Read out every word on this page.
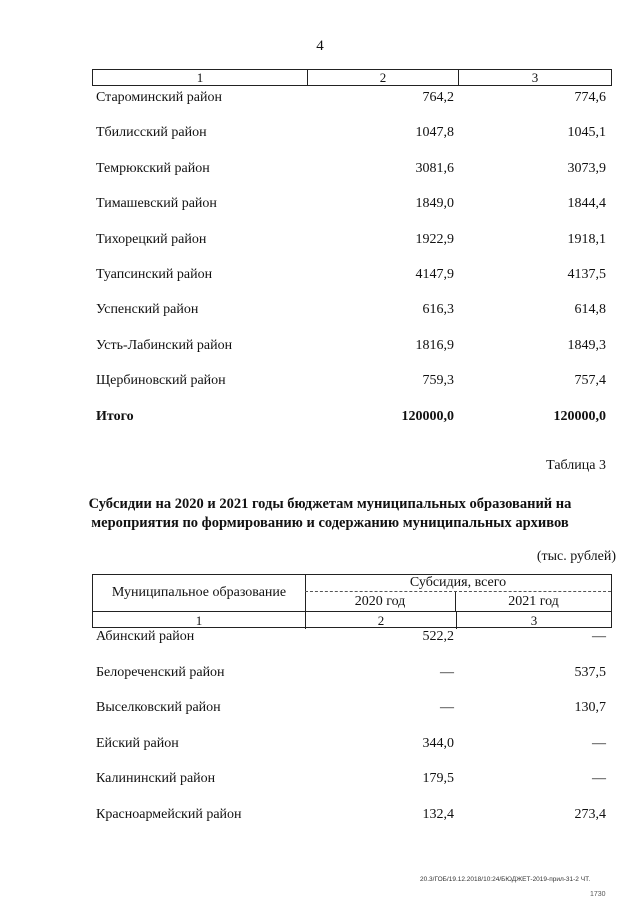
4
1	2	3
Староминский район	764,2	774,6
Тбилисский район	1047,8	1045,1
Темрюкский район	3081,6	3073,9
Тимашевский район	1849,0	1844,4
Тихорецкий район	1922,9	1918,1
Туапсинский район	4147,9	4137,5
Успенский район	616,3	614,8
Усть-Лабинский район	1816,9	1849,3
Щербиновский район	759,3	757,4
Итого	120000,0	120000,0
Таблица 3
Субсидии на 2020 и 2021 годы бюджетам муниципальных образований на
мероприятия по формированию и содержанию муниципальных архивов
(тыс. рублей)
Муниципальное образование
Субсидия, всего
2020 год	2021 год
1	2	3
Абинский район	522,2	—
Белореченский район	—	537,5
Выселковский район	—	130,7
Ейский район	344,0	—
Калининский район	179,5	—
Красноармейский район	132,4	273,4
20.3/ГОБ/19.12.2018/10:24/БЮДЖЕТ-2019-прил-31-2 ЧТ.
1730
